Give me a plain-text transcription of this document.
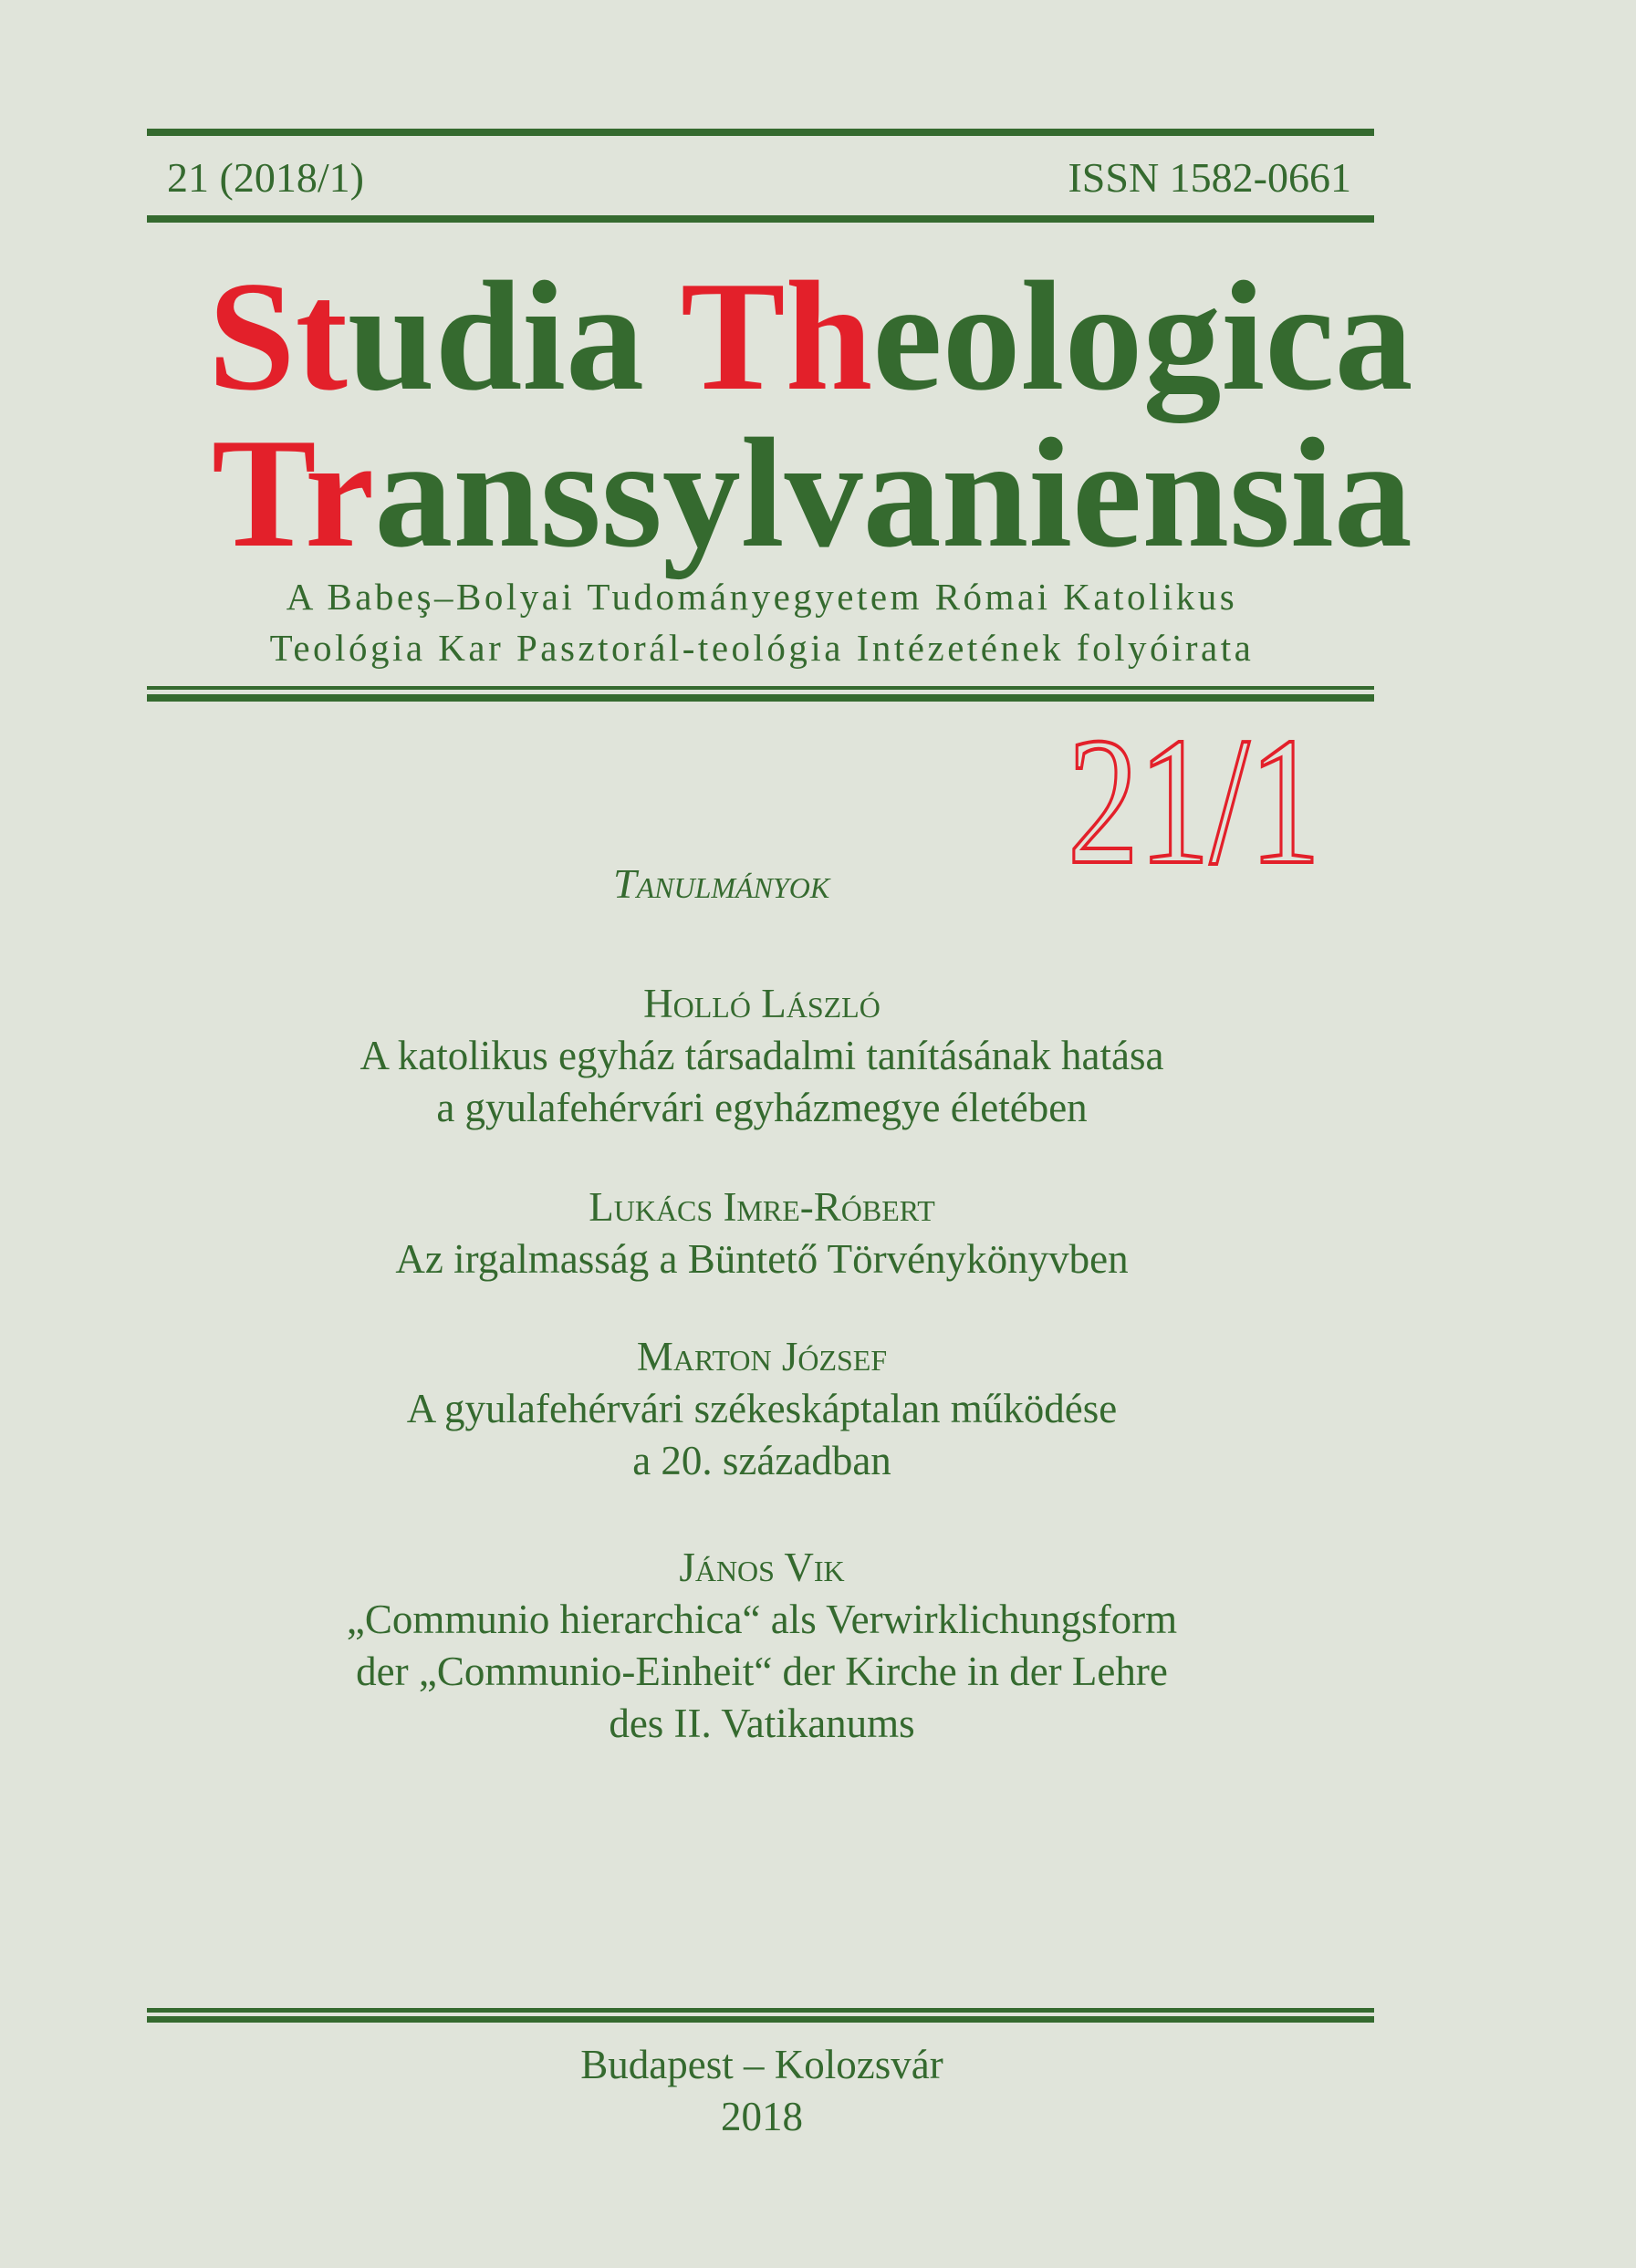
21 (2018/1)	ISSN 1582-0661
Studia Theologica
Transsylvaniensia
A Babeş–Bolyai Tudományegyetem Római Katolikus
Teológia Kar Pasztorál-teológia Intézetének folyóirata
21/1
Tanulmányok
Holló László
A katolikus egyház társadalmi tanításának hatása
a gyulafehérvári egyházmegye életében
Lukács Imre-Róbert
Az irgalmasság a Büntető Törvénykönyvben
Marton József
A gyulafehérvári székeskáptalan működése
a 20. században
János Vik
„Communio hierarchica“ als Verwirklichungsform
der „Communio-Einheit“ der Kirche in der Lehre
des II. Vatikanums
Budapest – Kolozsvár
2018
